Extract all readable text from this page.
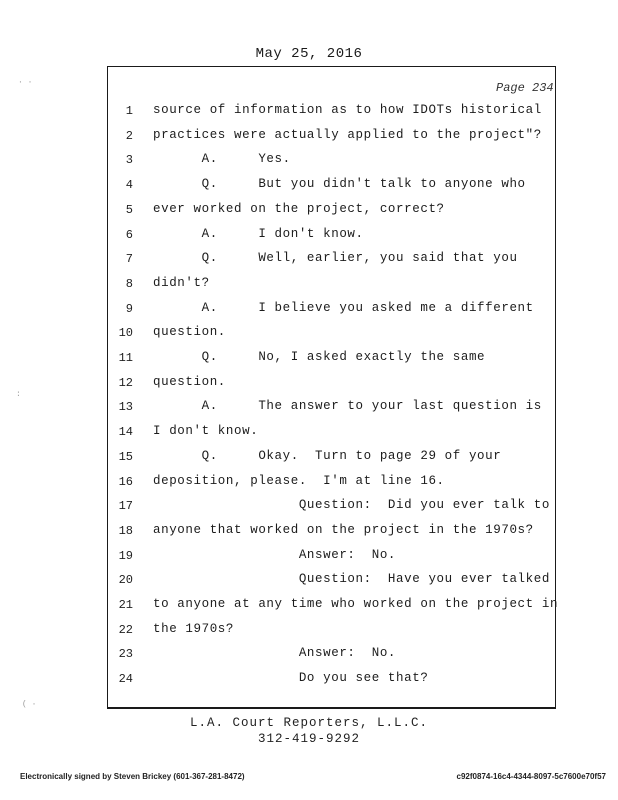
May 25, 2016
Page 234
1 source of information as to how IDOTs historical
2 practices were actually applied to the project"?
3 A.     Yes.
4 Q.     But you didn't talk to anyone who
5 ever worked on the project, correct?
6 A.     I don't know.
7 Q.     Well, earlier, you said that you
8 didn't?
9 A.     I believe you asked me a different
10 question.
11 Q.     No, I asked exactly the same
12 question.
13 A.     The answer to your last question is
14 I don't know.
15 Q.     Okay.  Turn to page 29 of your
16 deposition, please.  I'm at line 16.
17 Question:  Did you ever talk to
18 anyone that worked on the project in the 1970s?
19 Answer:  No.
20 Question:  Have you ever talked
21 to anyone at any time who worked on the project in
22 the 1970s?
23 Answer:  No.
24 Do you see that?
· ·
:
( ·
L.A. Court Reporters, L.L.C.
312-419-9292
Electronically signed by Steven Brickey (601-367-281-8472)	c92f0874-16c4-4344-8097-5c7600e70f57
